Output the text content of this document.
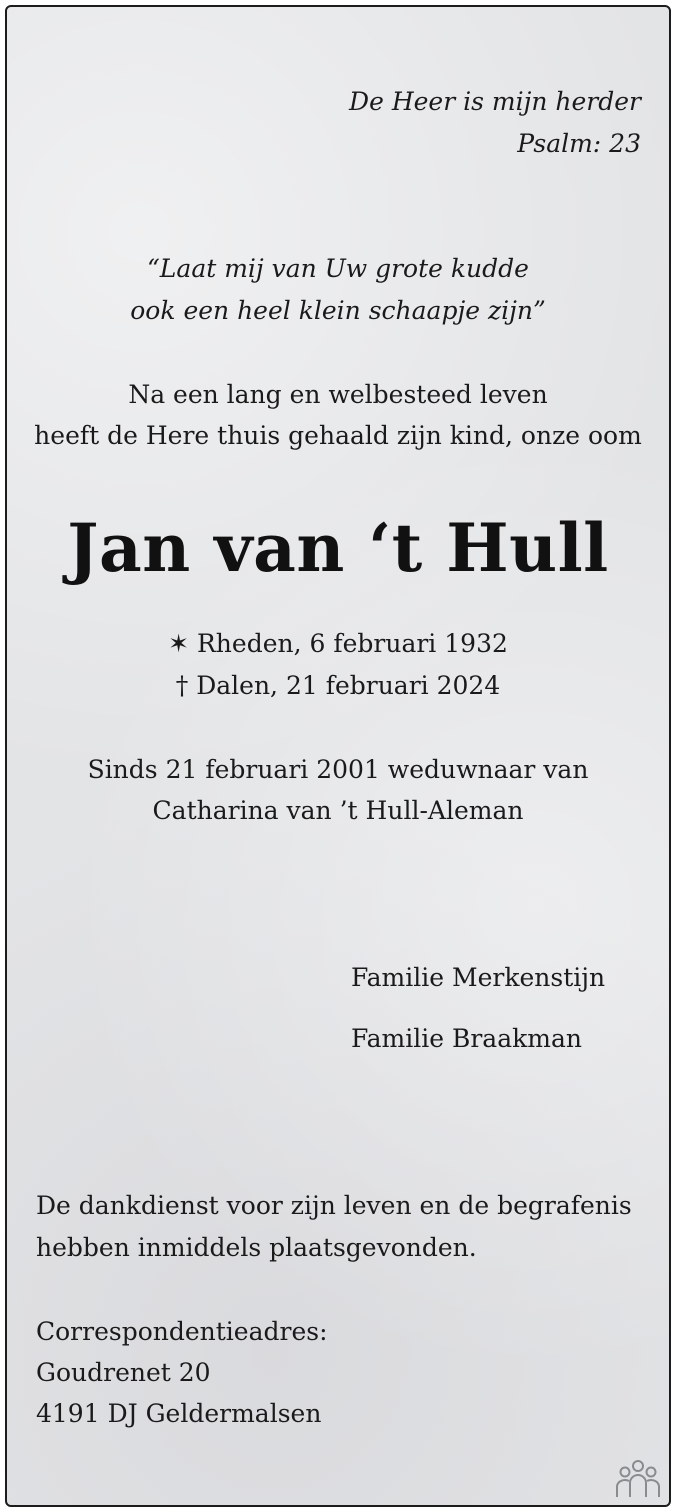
De Heer is mijn herder
Psalm: 23
“Laat mij van Uw grote kudde
ook een heel klein schaapje zijn”
Na een lang en welbesteed leven
heeft de Here thuis gehaald zijn kind, onze oom
Jan van ‘t Hull
✶ Rheden, 6 februari 1932
† Dalen, 21 februari 2024
Sinds 21 februari 2001 weduwnaar van
Catharina van ’t Hull-Aleman
Familie Merkenstijn
Familie Braakman
De dankdienst voor zijn leven en de begrafenis
hebben inmiddels plaatsgevonden.
Correspondentieadres:
Goudrenet 20
4191 DJ Geldermalsen
